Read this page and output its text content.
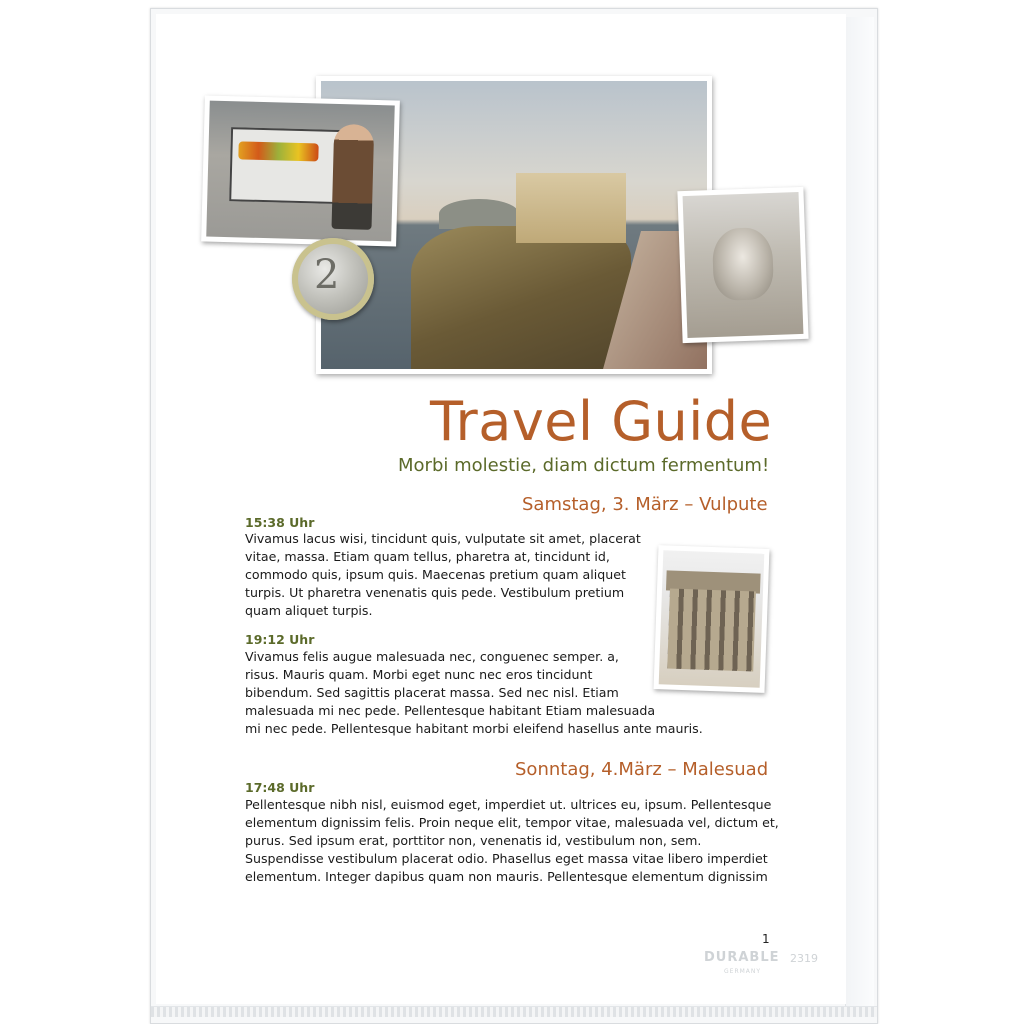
2
Travel Guide
Morbi molestie, diam dictum fermentum!
Samstag, 3. März – Vulpute
15:38 Uhr
Vivamus lacus wisi, tincidunt quis, vulputate sit amet, placerat
vitae, massa. Etiam quam tellus, pharetra at, tincidunt id,
commodo quis, ipsum quis. Maecenas pretium quam aliquet
turpis. Ut pharetra venenatis quis pede. Vestibulum pretium
quam aliquet turpis.
19:12 Uhr
Vivamus felis augue malesuada nec, conguenec semper. a,
risus. Mauris quam. Morbi eget nunc nec eros tincidunt
bibendum. Sed sagittis placerat massa. Sed nec nisl. Etiam
malesuada mi nec pede. Pellentesque habitant Etiam malesuada
mi nec pede. Pellentesque habitant morbi eleifend hasellus ante mauris.
Sonntag, 4.März – Malesuad
17:48 Uhr
Pellentesque nibh nisl, euismod eget, imperdiet ut. ultrices eu, ipsum. Pellentesque
elementum dignissim felis. Proin neque elit, tempor vitae, malesuada vel, dictum et,
purus. Sed ipsum erat, porttitor non, venenatis id, vestibulum non, sem.
Suspendisse vestibulum placerat odio. Phasellus eget massa vitae libero imperdiet
elementum. Integer dapibus quam non mauris. Pellentesque elementum dignissim
1
DURABLE 2319
GERMANY
